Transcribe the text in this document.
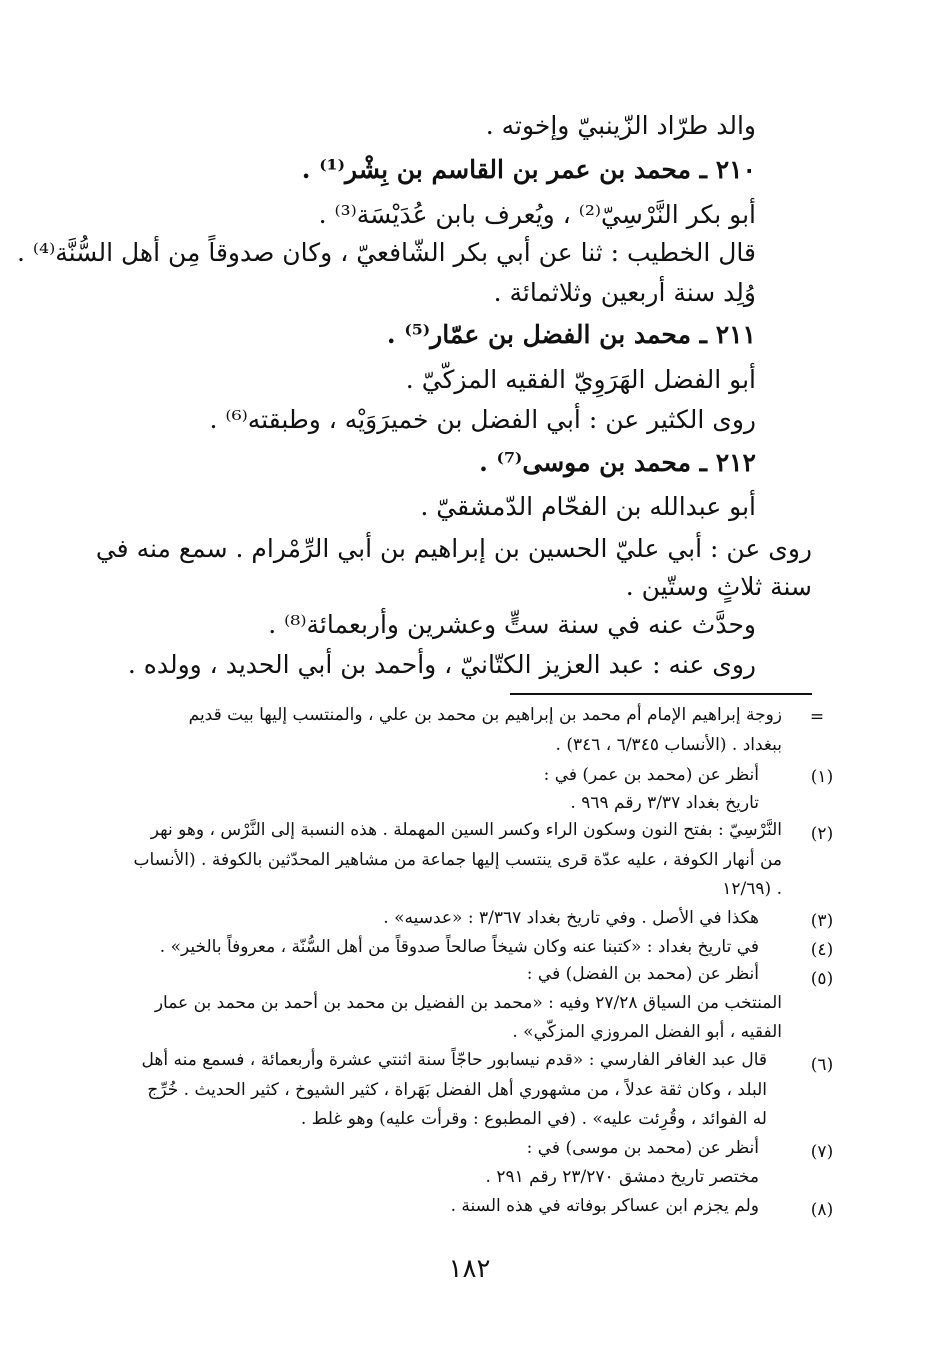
والد طرّاد الزّينبيّ وإخوته .
٢١٠ ـ محمد بن عمر بن القاسم بن بِشْر⁽¹⁾ .
أبو بكر النَّرْسِيّ⁽²⁾ ، ويُعرف بابن عُدَيْسَة⁽³⁾ .
قال الخطيب : ثنا عن أبي بكر الشّافعيّ ، وكان صدوقاً مِن أهل السُّنَّة⁽⁴⁾ .
وُلِد سنة أربعين وثلاثمائة .
٢١١ ـ محمد بن الفضل بن عمّار⁽⁵⁾ .
أبو الفضل الهَرَوِيّ الفقيه المزكّيّ .
روى الكثير عن : أبي الفضل بن خميرَوَيْه ، وطبقته⁽⁶⁾ .
٢١٢ ـ محمد بن موسى⁽⁷⁾ .
أبو عبدالله بن الفحّام الدّمشقيّ .
روى عن : أبي عليّ الحسين بن إبراهيم بن أبي الرِّمْرام . سمع منه في
سنة ثلاثٍ وستّين .
وحدَّث عنه في سنة ستٍّ وعشرين وأربعمائة⁽⁸⁾ .
روى عنه : عبد العزيز الكتّانيّ ، وأحمد بن أبي الحديد ، وولده .
=
زوجة إبراهيم الإمام أم محمد بن إبراهيم بن محمد بن علي ، والمنتسب إليها بيت قديم
ببغداد . (الأنساب ٦/٣٤٥ ، ٣٤٦) .
(١)
أنظر عن (محمد بن عمر) في :
تاريخ بغداد ٣/٣٧ رقم ٩٦٩ .
(٢)
النَّرْسِيّ : بفتح النون وسكون الراء وكسر السين المهملة . هذه النسبة إلى النَّرْس ، وهو نهر
من أنهار الكوفة ، عليه عدّة قرى ينتسب إليها جماعة من مشاهير المحدّثين بالكوفة . (الأنساب
١٢/٦٩) .
(٣)
هكذا في الأصل . وفي تاريخ بغداد ٣/٣٦٧ : «عدسيه» .
(٤)
في تاريخ بغداد : «كتبنا عنه وكان شيخاً صالحاً صدوقاً من أهل السُّنّة ، معروفاً بالخير» .
(٥)
أنظر عن (محمد بن الفضل) في :
المنتخب من السياق ٢٧/٢٨ وفيه : «محمد بن الفضيل بن محمد بن أحمد بن محمد بن عمار
الفقيه ، أبو الفضل المروزي المزكّي» .
(٦)
قال عبد الغافر الفارسي : «قدم نيسابور حاجّاً سنة اثنتي عشرة وأربعمائة ، فسمع منه أهل
البلد ، وكان ثقة عدلاً ، من مشهوري أهل الفضل بَهَراة ، كثير الشيوخ ، كثير الحديث . خُرِّج
له الفوائد ، وقُرِئت عليه» . (في المطبوع : وقرأت عليه) وهو غلط .
(٧)
أنظر عن (محمد بن موسى) في :
مختصر تاريخ دمشق ٢٣/٢٧٠ رقم ٢٩١ .
(٨)
ولم يجزم ابن عساكر بوفاته في هذه السنة .
١٨٢
